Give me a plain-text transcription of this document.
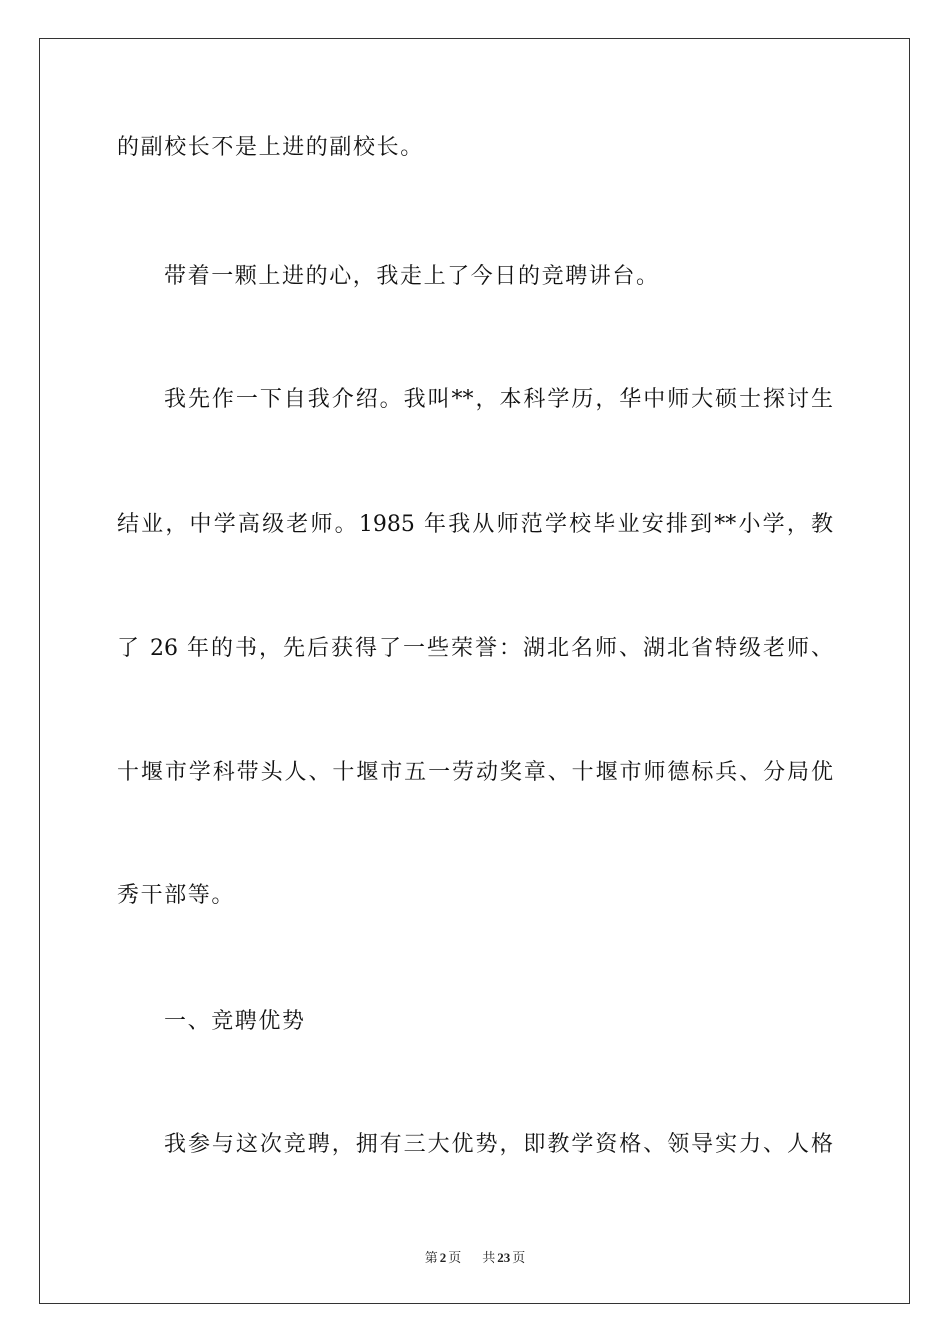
的副校长不是上进的副校长。
带着一颗上进的心，我走上了今日的竞聘讲台。
我先作一下自我介绍。我叫**，本科学历，华中师大硕士探讨生
结业，中学高级老师。1985 年我从师范学校毕业安排到**小学，教
了 26 年的书，先后获得了一些荣誉：湖北名师、湖北省特级老师、
十堰市学科带头人、十堰市五一劳动奖章、十堰市师德标兵、分局优
秀干部等。
一、竞聘优势
我参与这次竞聘，拥有三大优势，即教学资格、领导实力、人格
第 2 页 共 23 页
